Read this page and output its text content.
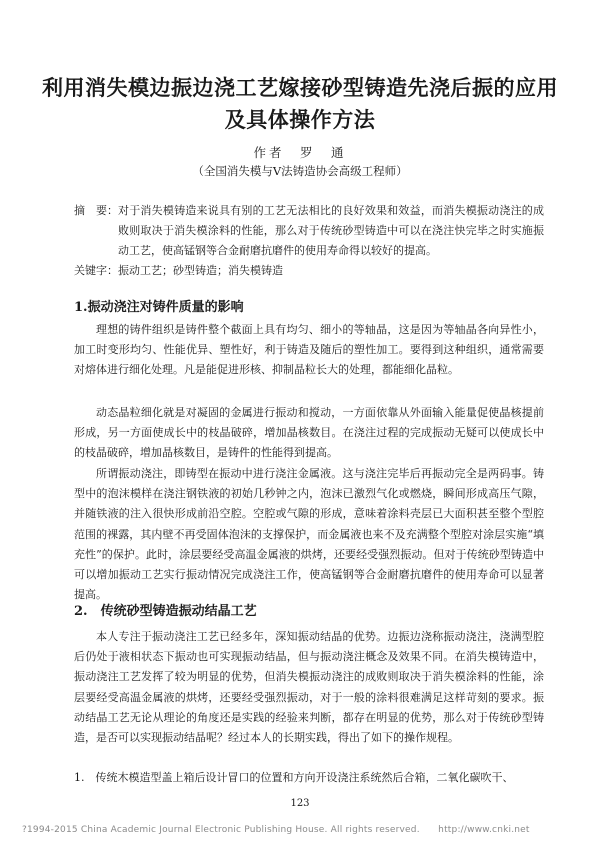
利用消失模边振边浇工艺嫁接砂型铸造先浇后振的应用及具体操作方法
作者　罗　通
（全国消失模与Ⅴ法铸造协会高级工程师）
摘　要： 对于消失模铸造来说具有别的工艺无法相比的良好效果和效益，而消失模振动浇注的成败则取决于消失模涂料的性能，那么对于传统砂型铸造中可以在浇注快完毕之时实施振动工艺，使高锰钢等合金耐磨抗磨件的使用寿命得以较好的提高。
关键字：振动工艺；砂型铸造；消失模铸造
1.振动浇注对铸件质量的影响
理想的铸件组织是铸件整个截面上具有均匀、细小的等轴晶，这是因为等轴晶各向异性小，加工时变形均匀、性能优异、塑性好，利于铸造及随后的塑性加工。要得到这种组织，通常需要对熔体进行细化处理。凡是能促进形核、抑制晶粒长大的处理，都能细化晶粒。
动态晶粒细化就是对凝固的金属进行振动和搅动，一方面依靠从外面输入能量促使晶核提前形成，另一方面使成长中的枝晶破碎，增加晶核数目。在浇注过程的完成振动无疑可以使成长中的枝晶破碎，增加晶核数目，是铸件的性能得到提高。
所谓振动浇注，即铸型在振动中进行浇注金属液。这与浇注完毕后再振动完全是两码事。铸型中的泡沫模样在浇注钢铁液的初始几秒钟之内，泡沫已激烈气化或燃烧，瞬间形成高压气隙，并随铁液的注入很快形成前沿空腔。空腔或气隙的形成，意味着涂料壳层已大面积甚至整个型腔范围的裸露，其内壁不再受固体泡沫的支撑保护，而金属液也来不及充满整个型腔对涂层实施“填充性”的保护。此时，涂层要经受高温金属液的烘烤，还要经受强烈振动。但对于传统砂型铸造中可以增加振动工艺实行振动情况完成浇注工作，使高锰钢等合金耐磨抗磨件的使用寿命可以显著提高。
2.　传统砂型铸造振动结晶工艺
本人专注于振动浇注工艺已经多年，深知振动结晶的优势。边振边浇称振动浇注，浇满型腔后仍处于液相状态下振动也可实现振动结晶，但与振动浇注概念及效果不同。在消失模铸造中，振动浇注工艺发挥了较为明显的优势，但消失模振动浇注的成败则取决于消失模涂料的性能，涂层要经受高温金属液的烘烤，还要经受强烈振动，对于一般的涂料很难满足这样苛刻的要求。振动结晶工艺无论从理论的角度还是实践的经验来判断，都存在明显的优势，那么对于传统砂型铸造，是否可以实现振动结晶呢？经过本人的长期实践，得出了如下的操作规程。
1.　传统木模造型盖上箱后设计冒口的位置和方向开设浇注系统然后合箱，二氧化碳吹干、
123
?1994-2015 China Academic Journal Electronic Publishing House. All rights reserved.　　http://www.cnki.net
